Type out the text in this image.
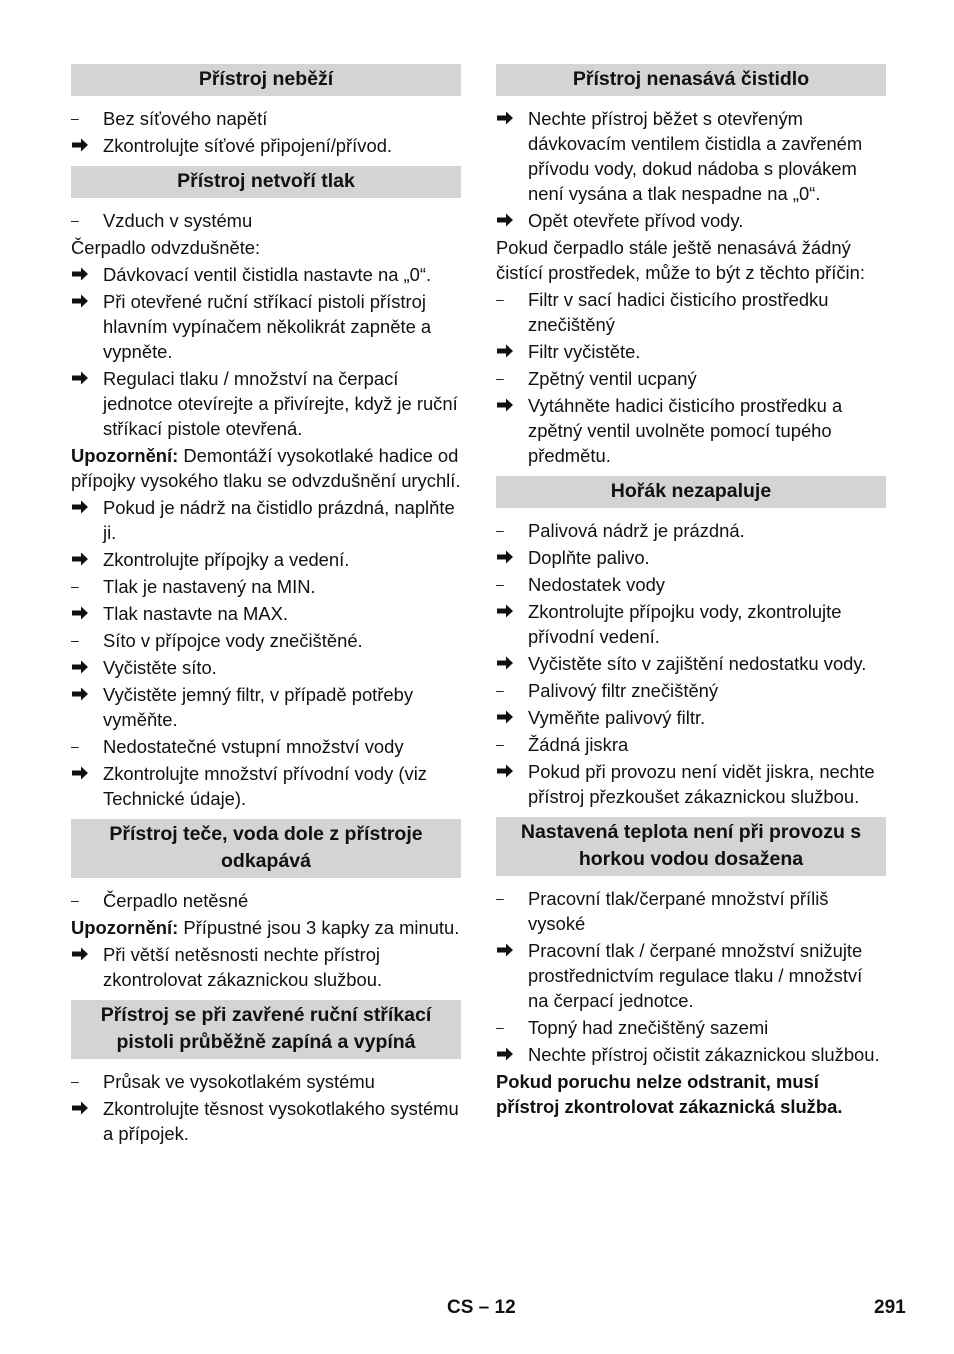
Přístroj neběží
–	Bez síťového napětí
Zkontrolujte síťové připojení/přívod.
Přístroj netvoří tlak
–	Vzduch v systému
Čerpadlo odvzdušněte:
Dávkovací ventil čistidla nastavte na „0“.
Při otevřené ruční stříkací pistoli přístroj hlavním vypínačem několikrát zapněte a vypněte.
Regulaci tlaku / množství na čerpací jednotce otevírejte a přivírejte, když je ruční stříkací pistole otevřená.
Upozornění: Demontáží vysokotlaké hadice od přípojky vysokého tlaku se odvzdušnění urychlí.
Pokud je nádrž na čistidlo prázdná, naplňte ji.
Zkontrolujte přípojky a vedení.
–	Tlak je nastavený na MIN.
Tlak nastavte na MAX.
–	Síto v přípojce vody znečištěné.
Vyčistěte síto.
Vyčistěte jemný filtr, v případě potřeby vyměňte.
–	Nedostatečné vstupní množství vody
Zkontrolujte množství přívodní vody (viz Technické údaje).
Přístroj teče, voda dole z přístroje odkapává
–	Čerpadlo netěsné
Upozornění: Přípustné jsou 3 kapky za minutu.
Při větší netěsnosti nechte přístroj zkontrolovat zákaznickou službou.
Přístroj se při zavřené ruční stříkací pistoli průběžně zapíná a vypíná
–	Průsak ve vysokotlakém systému
Zkontrolujte těsnost vysokotlakého systému a přípojek.
Přístroj nenasává čistidlo
Nechte přístroj běžet s otevřeným dávkovacím ventilem čistidla a zavřeném přívodu vody, dokud nádoba s plovákem není vysána a tlak nespadne na „0“.
Opět otevřete přívod vody.
Pokud čerpadlo stále ještě nenasává žádný čistící prostředek, může to být z těchto příčin:
–	Filtr v sací hadici čisticího prostředku znečištěný
Filtr vyčistěte.
–	Zpětný ventil ucpaný
Vytáhněte hadici čisticího prostředku a zpětný ventil uvolněte pomocí tupého předmětu.
Hořák nezapaluje
–	Palivová nádrž je prázdná.
Doplňte palivo.
–	Nedostatek vody
Zkontrolujte přípojku vody, zkontrolujte přívodní vedení.
Vyčistěte síto v zajištění nedostatku vody.
–	Palivový filtr znečištěný
Vyměňte palivový filtr.
–	Žádná jiskra
Pokud při provozu není vidět jiskra, nechte přístroj přezkoušet zákaznickou službou.
Nastavená teplota není při provozu s horkou vodou dosažena
–	Pracovní tlak/čerpané množství příliš vysoké
Pracovní tlak / čerpané množství snižujte prostřednictvím regulace tlaku / množství na čerpací jednotce.
–	Topný had znečištěný sazemi
Nechte přístroj očistit zákaznickou službou.
Pokud poruchu nelze odstranit, musí přístroj zkontrolovat zákaznická služba.
CS – 12	291
